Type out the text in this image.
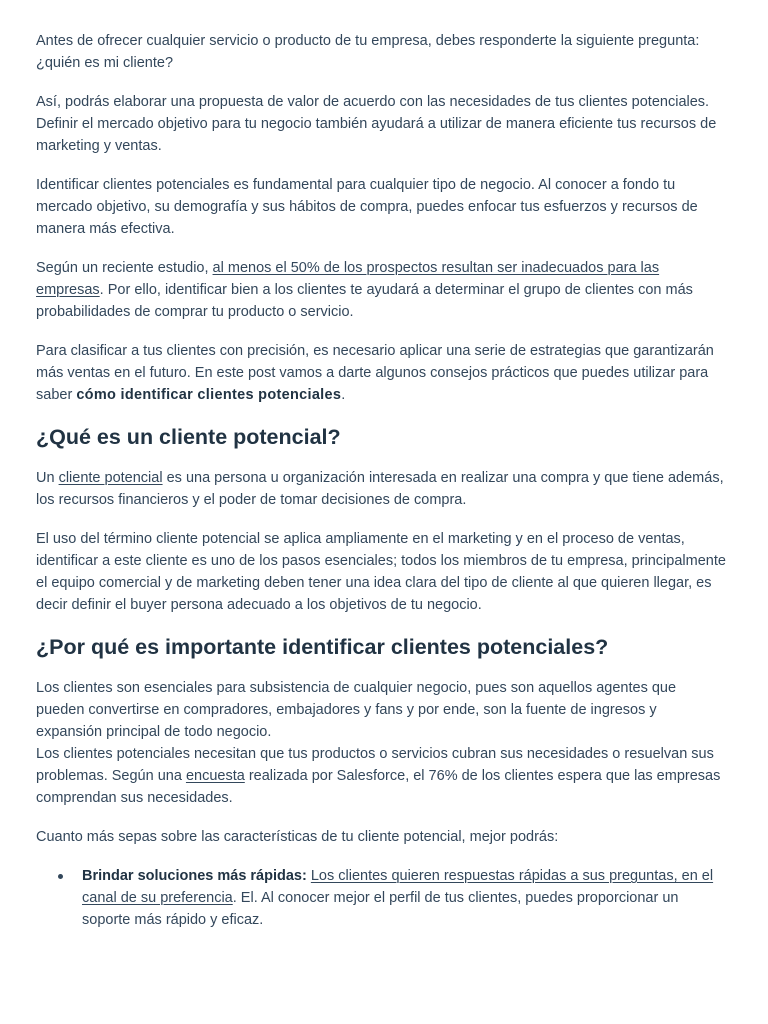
Antes de ofrecer cualquier servicio o producto de tu empresa, debes responderte la siguiente pregunta: ¿quién es mi cliente?

Así, podrás elaborar una propuesta de valor de acuerdo con las necesidades de tus clientes potenciales. Definir el mercado objetivo para tu negocio también ayudará a utilizar de manera eficiente tus recursos de marketing y ventas.

Identificar clientes potenciales es fundamental para cualquier tipo de negocio. Al conocer a fondo tu mercado objetivo, su demografía y sus hábitos de compra, puedes enfocar tus esfuerzos y recursos de manera más efectiva.

Según un reciente estudio, al menos el 50% de los prospectos resultan ser inadecuados para las empresas. Por ello, identificar bien a los clientes te ayudará a determinar el grupo de clientes con más probabilidades de comprar tu producto o servicio.

Para clasificar a tus clientes con precisión, es necesario aplicar una serie de estrategias que garantizarán más ventas en el futuro. En este post vamos a darte algunos consejos prácticos que puedes utilizar para saber cómo identificar clientes potenciales.

¿Qué es un cliente potencial?

Un cliente potencial es una persona u organización interesada en realizar una compra y que tiene además, los recursos financieros y el poder de tomar decisiones de compra.

El uso del término cliente potencial se aplica ampliamente en el marketing y en el proceso de ventas, identificar a este cliente es uno de los pasos esenciales; todos los miembros de tu empresa, principalmente el equipo comercial y de marketing deben tener una idea clara del tipo de cliente al que quieren llegar, es decir definir el buyer persona adecuado a los objetivos de tu negocio.

¿Por qué es importante identificar clientes potenciales?

Los clientes son esenciales para subsistencia de cualquier negocio, pues son aquellos agentes que pueden convertirse en compradores, embajadores y fans y por ende, son la fuente de ingresos y expansión principal de todo negocio.

Los clientes potenciales necesitan que tus productos o servicios cubran sus necesidades o resuelvan sus problemas. Según una encuesta realizada por Salesforce, el 76% de los clientes espera que las empresas comprendan sus necesidades.

Cuanto más sepas sobre las características de tu cliente potencial, mejor podrás:

Brindar soluciones más rápidas: Los clientes quieren respuestas rápidas a sus preguntas, en el canal de su preferencia. El. Al conocer mejor el perfil de tus clientes, puedes proporcionar un soporte más rápido y eficaz.
